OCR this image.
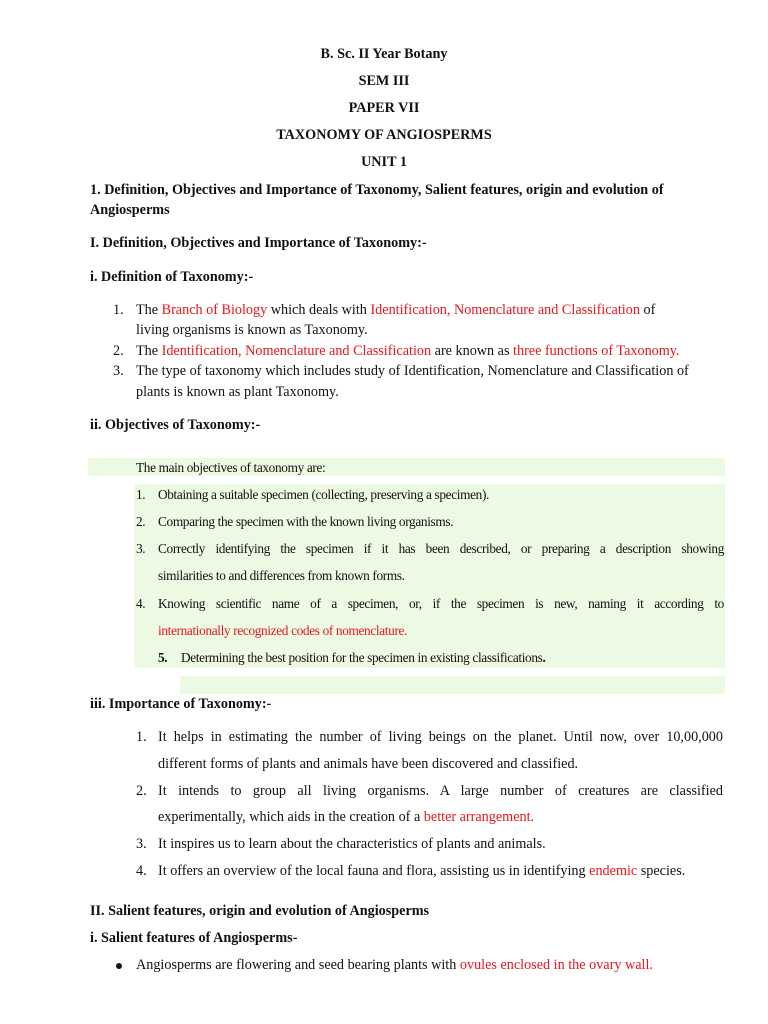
B. Sc. II Year Botany
SEM III
PAPER VII
TAXONOMY OF ANGIOSPERMS
UNIT 1
1. Definition, Objectives and Importance of Taxonomy, Salient features, origin and evolution of
Angiosperms
I. Definition, Objectives and Importance of Taxonomy:-
i. Definition of Taxonomy:-
1. The Branch of Biology which deals with Identification, Nomenclature and Classification of
living organisms is known as Taxonomy.
2. The Identification, Nomenclature and Classification are known as three functions of Taxonomy.
3. The type of taxonomy which includes study of Identification, Nomenclature and Classification of
plants is known as plant Taxonomy.
ii. Objectives of Taxonomy:-
The main objectives of taxonomy are:
1. Obtaining a suitable specimen (collecting, preserving a specimen).
2. Comparing the specimen with the known living organisms.
3. Correctly identifying the specimen if it has been described, or preparing a description showing
similarities to and differences from known forms.
4. Knowing scientific name of a specimen, or, if the specimen is new, naming it according to
internationally recognized codes of nomenclature.
5. Determining the best position for the specimen in existing classifications.
iii. Importance of Taxonomy:-
1. It helps in estimating the number of living beings on the planet. Until now, over 10,00,000
different forms of plants and animals have been discovered and classified.
2. It intends to group all living organisms. A large number of creatures are classified
experimentally, which aids in the creation of a better arrangement.
3. It inspires us to learn about the characteristics of plants and animals.
4. It offers an overview of the local fauna and flora, assisting us in identifying endemic species.
II. Salient features, origin and evolution of Angiosperms
i. Salient features of Angiosperms-
Angiosperms are flowering and seed bearing plants with ovules enclosed in the ovary wall.
